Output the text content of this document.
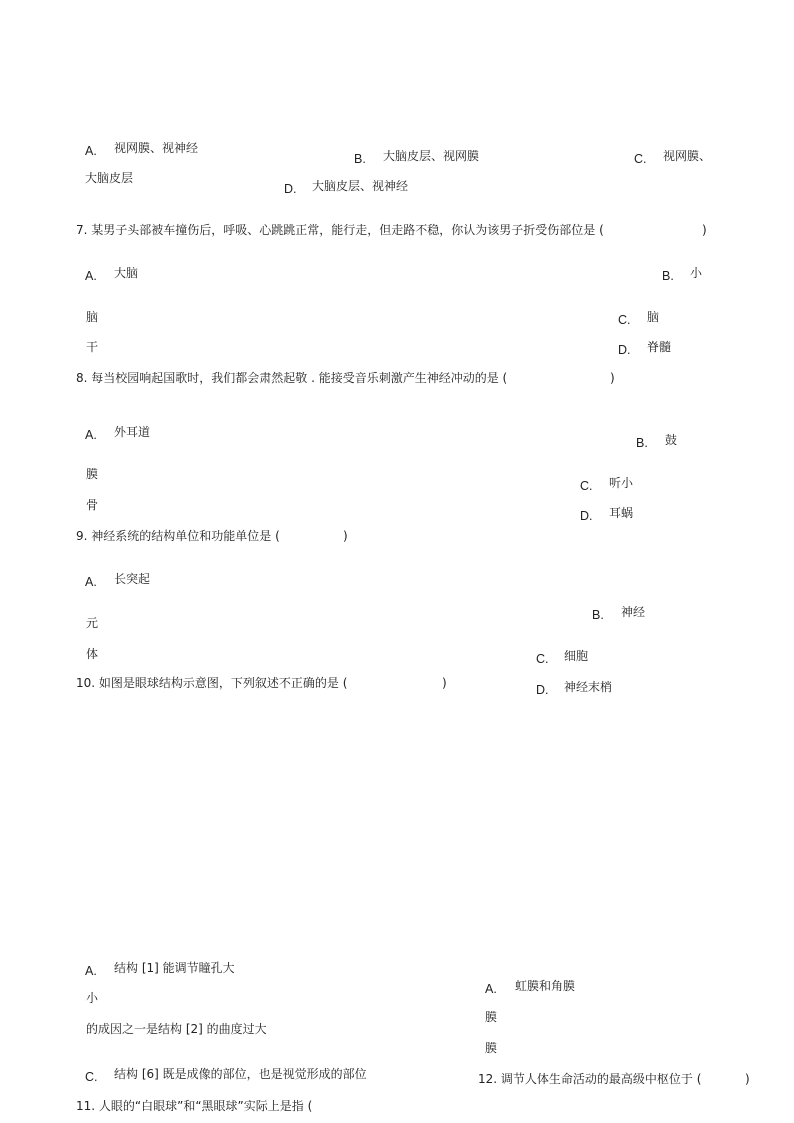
A. 视网膜、视神经
B. 大脑皮层、视网膜	C. 视网膜、
大脑皮层
D. 大脑皮层、视神经
7. 某男子头部被车撞伤后，呼吸、心跳跳正常，能行走，但走路不稳，你认为该男子折受伤部位是 (	)
A. 大脑	B. 小
脑	C. 脑
干	D. 脊髓
8. 每当校园响起国歌时，我们都会肃然起敬 . 能接受音乐刺激产生神经冲动的是 (	)
A. 外耳道
B. 鼓
膜
C. 听小
骨
D. 耳蜗
9. 神经系统的结构单位和功能单位是 (	)
A. 长突起
B. 神经
元
体	C. 细胞
D. 神经末梢
10. 如图是眼球结构示意图，下列叙述不正确的是 (	)
A. 结构 [1] 能调节瞳孔大
小
的成因之一是结构 [2] 的曲度过大
C. 结构 [6] 既是成像的部位，也是视觉形成的部位
A. 虹膜和角膜
膜
膜
11. 人眼的“白眼球”和“黑眼球”实际上是指 (
12. 调节人体生命活动的最高级中枢位于 (	)
